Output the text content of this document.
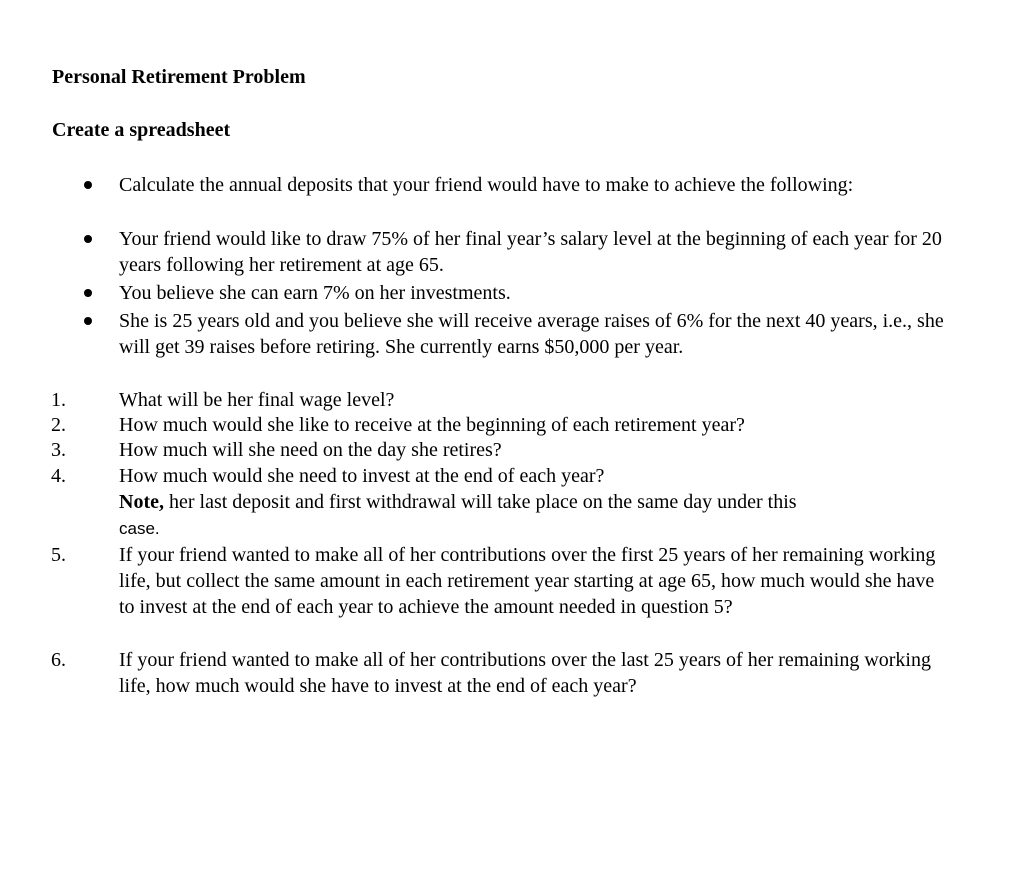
Personal Retirement Problem
Create a spreadsheet
Calculate the annual deposits that your friend would have to make to achieve the following:
Your friend would like to draw 75% of her final year’s salary level at the beginning of each year for 20 years following her retirement at age 65.
You believe she can earn 7% on her investments.
She is 25 years old and you believe she will receive average raises of 6% for the next 40 years, i.e., she will get 39 raises before retiring. She currently earns $50,000 per year.
1.	What will be her final wage level?
2.	How much would she like to receive at the beginning of each retirement year?
3.	How much will she need on the day she retires?
4.	How much would she need to invest at the end of each year?
Note, her last deposit and first withdrawal will take place on the same day under this
case.
5.	If your friend wanted to make all of her contributions over the first 25 years of her remaining working life, but collect the same amount in each retirement year starting at age 65, how much would she have to invest at the end of each year to achieve the amount needed in question 5?
6.	If your friend wanted to make all of her contributions over the last 25 years of her remaining working life, how much would she have to invest at the end of each year?
